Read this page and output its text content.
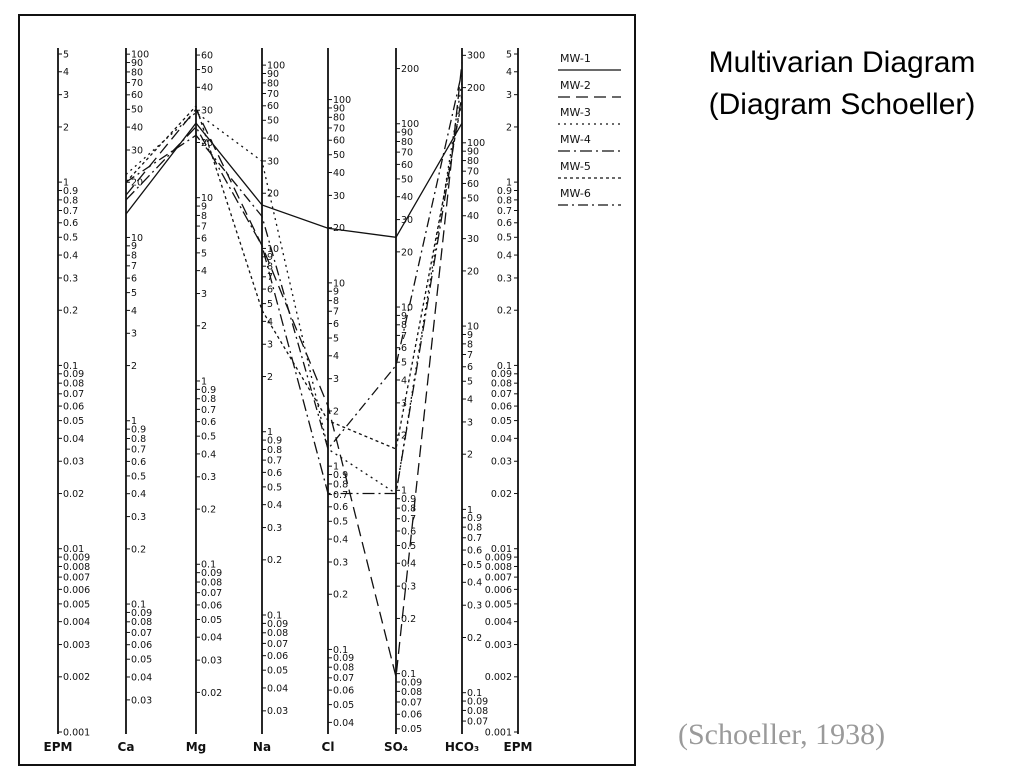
Multivarian Diagram
(Diagram Schoeller)
5
4
3
2
1
0.9
0.8
0.7
0.6
0.5
0.4
0.3
0.2
0.1
0.09
0.08
0.07
0.06
0.05
0.04
0.03
0.02
0.01
0.009
0.008
0.007
0.006
0.005
0.004
0.003
0.002
0.001
EPM
5
4
3
2
1
0.9
0.8
0.7
0.6
0.5
0.4
0.3
0.2
0.1
0.09
0.08
0.07
0.06
0.05
0.04
0.03
0.02
0.01
0.009
0.008
0.007
0.006
0.005
0.004
0.003
0.002
0.001
EPM
100
90
80
70
60
50
40
30
20
10
9
8
7
6
5
4
3
2
1
0.9
0.8
0.7
0.6
0.5
0.4
0.3
0.2
0.1
0.09
0.08
0.07
0.06
0.05
0.04
0.03
Ca
60
50
40
30
20
10
9
8
7
6
5
4
3
2
1
0.9
0.8
0.7
0.6
0.5
0.4
0.3
0.2
0.1
0.09
0.08
0.07
0.06
0.05
0.04
0.03
0.02
Mg
100
90
80
70
60
50
40
30
20
10
9
8
7
6
5
4
3
2
1
0.9
0.8
0.7
0.6
0.5
0.4
0.3
0.2
0.1
0.09
0.08
0.07
0.06
0.05
0.04
0.03
Na
100
90
80
70
60
50
40
30
20
10
9
8
7
6
5
4
3
2
1
0.9
0.8
0.7
0.6
0.5
0.4
0.3
0.2
0.1
0.09
0.08
0.07
0.06
0.05
0.04
Cl
200
100
90
80
70
60
50
40
30
20
10
9
8
7
6
5
4
3
2
1
0.9
0.8
0.7
0.6
0.5
0.4
0.3
0.2
0.1
0.09
0.08
0.07
0.06
0.05
SO₄
300
200
100
90
80
70
60
50
40
30
20
10
9
8
7
6
5
4
3
2
1
0.9
0.8
0.7
0.6
0.5
0.4
0.3
0.2
0.1
0.09
0.08
0.07
HCO₃
MW-1
MW-2
MW-3
MW-4
MW-5
MW-6
(Schoeller, 1938)
